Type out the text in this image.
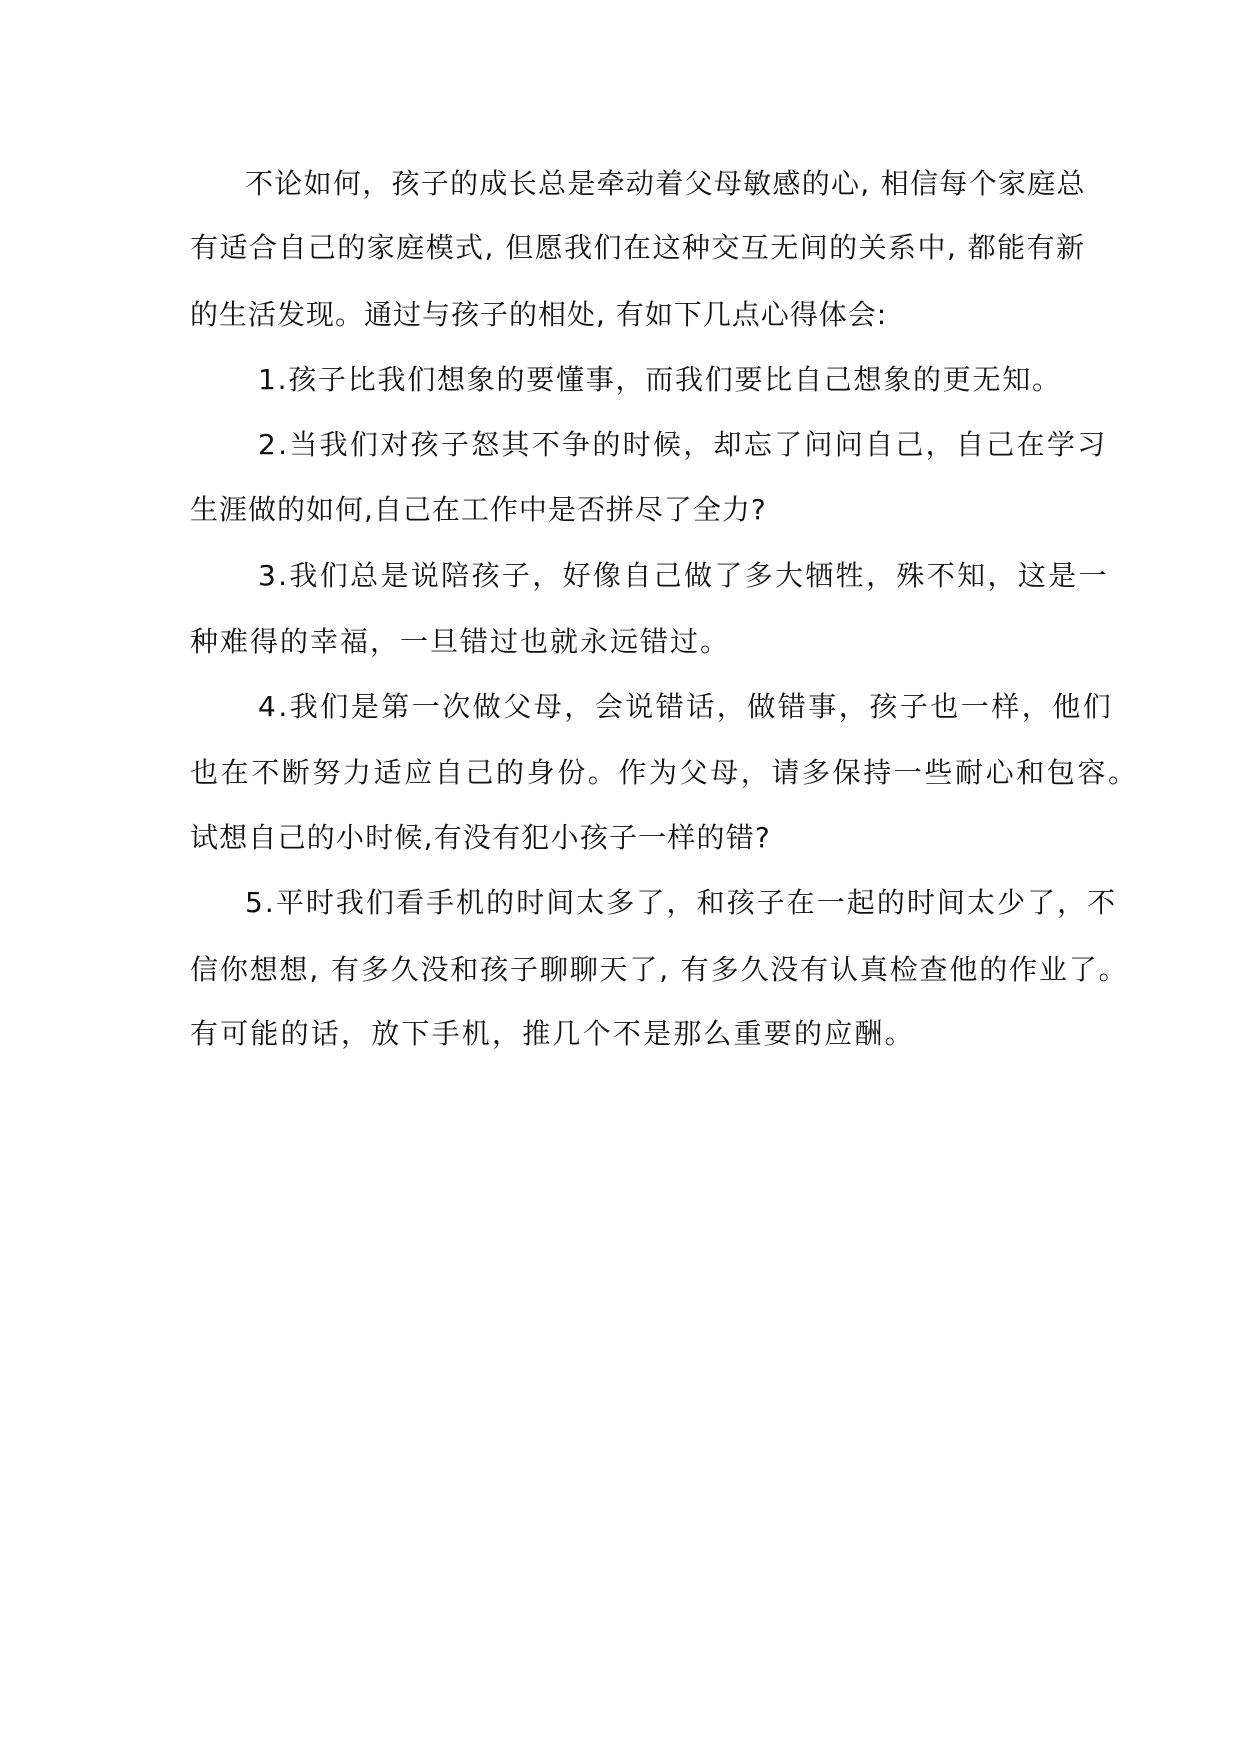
不论如何，孩子的成长总是牵动着父母敏感的心, 相信每个家庭总
有适合自己的家庭模式, 但愿我们在这种交互无间的关系中, 都能有新
的生活发现。通过与孩子的相处, 有如下几点心得体会:
1.孩子比我们想象的要懂事，而我们要比自己想象的更无知。
2.当我们对孩子怒其不争的时候，却忘了问问自己，自己在学习
生涯做的如何,自己在工作中是否拼尽了全力?
3.我们总是说陪孩子，好像自己做了多大牺牲，殊不知，这是一
种难得的幸福，一旦错过也就永远错过。
4.我们是第一次做父母，会说错话，做错事，孩子也一样，他们
也在不断努力适应自己的身份。作为父母，请多保持一些耐心和包容。
试想自己的小时候,有没有犯小孩子一样的错?
5.平时我们看手机的时间太多了，和孩子在一起的时间太少了，不
信你想想, 有多久没和孩子聊聊天了, 有多久没有认真检查他的作业了。
有可能的话，放下手机，推几个不是那么重要的应酬。
